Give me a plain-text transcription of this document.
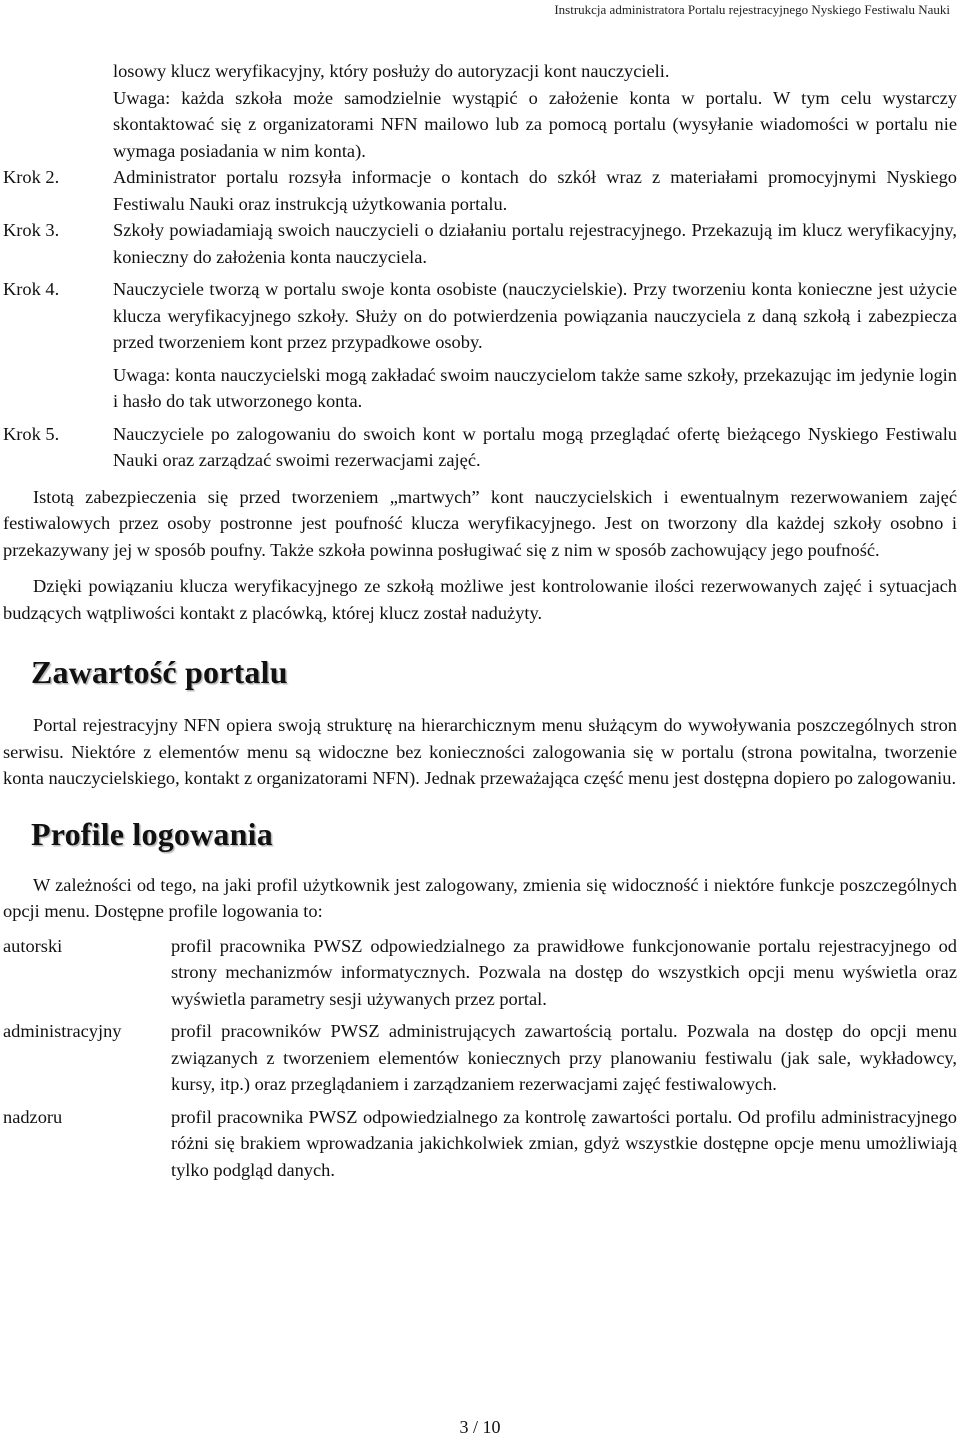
Instrukcja administratora Portalu rejestracyjnego Nyskiego Festiwalu Nauki
losowy klucz weryfikacyjny, który posłuży do autoryzacji kont nauczycieli.
Uwaga: każda szkoła może samodzielnie wystąpić o założenie konta w portalu. W tym celu wystarczy skontaktować się z organizatorami NFN mailowo lub za pomocą portalu (wysyłanie wiadomości w portalu nie wymaga posiadania w nim konta).
Krok 2.	Administrator portalu rozsyła informacje o kontach do szkół wraz z materiałami promocyjnymi Nyskiego Festiwalu Nauki oraz instrukcją użytkowania portalu.
Krok 3.	Szkoły powiadamiają swoich nauczycieli o działaniu portalu rejestracyjnego. Przekazują im klucz weryfikacyjny, konieczny do założenia konta nauczyciela.
Krok 4.	Nauczyciele tworzą w portalu swoje konta osobiste (nauczycielskie). Przy tworzeniu konta konieczne jest użycie klucza weryfikacyjnego szkoły. Służy on do potwierdzenia powiązania nauczyciela z daną szkołą i zabezpiecza przed tworzeniem kont przez przypadkowe osoby.
Uwaga: konta nauczycielski mogą zakładać swoim nauczycielom także same szkoły, przekazując im jedynie login i hasło do tak utworzonego konta.
Krok 5.	Nauczyciele po zalogowaniu do swoich kont w portalu mogą przeglądać ofertę bieżącego Nyskiego Festiwalu Nauki oraz zarządzać swoimi rezerwacjami zajęć.

Istotą zabezpieczenia się przed tworzeniem „martwych” kont nauczycielskich i ewentualnym rezerwowaniem zajęć festiwalowych przez osoby postronne jest poufność klucza weryfikacyjnego. Jest on tworzony dla każdej szkoły osobno i przekazywany jej w sposób poufny. Także szkoła powinna posługiwać się z nim w sposób zachowujący jego poufność.

Dzięki powiązaniu klucza weryfikacyjnego ze szkołą możliwe jest kontrolowanie ilości rezerwowanych zajęć i sytuacjach budzących wątpliwości kontakt z placówką, której klucz został nadużyty.

Zawartość portalu

Portal rejestracyjny NFN opiera swoją strukturę na hierarchicznym menu służącym do wywoływania poszczególnych stron serwisu. Niektóre z elementów menu są widoczne bez konieczności zalogowania się w portalu (strona powitalna, tworzenie konta nauczycielskiego, kontakt z organizatorami NFN). Jednak przeważająca część menu jest dostępna dopiero po zalogowaniu.

Profile logowania

W zależności od tego, na jaki profil użytkownik jest zalogowany, zmienia się widoczność i niektóre funkcje poszczególnych opcji menu. Dostępne profile logowania to:

autorski	profil pracownika PWSZ odpowiedzialnego za prawidłowe funkcjonowanie portalu rejestracyjnego od strony mechanizmów informatycznych. Pozwala na dostęp do wszystkich opcji menu wyświetla oraz wyświetla parametry sesji używanych przez portal.
administracyjny	profil pracowników PWSZ administrujących zawartością portalu. Pozwala na dostęp do opcji menu związanych z tworzeniem elementów koniecznych przy planowaniu festiwalu (jak sale, wykładowcy, kursy, itp.) oraz przeglądaniem i zarządzaniem rezerwacjami zajęć festiwalowych.
nadzoru	profil pracownika PWSZ odpowiedzialnego za kontrolę zawartości portalu. Od profilu administracyjnego różni się brakiem wprowadzania jakichkolwiek zmian, gdyż wszystkie dostępne opcje menu umożliwiają tylko podgląd danych.
3 / 10
